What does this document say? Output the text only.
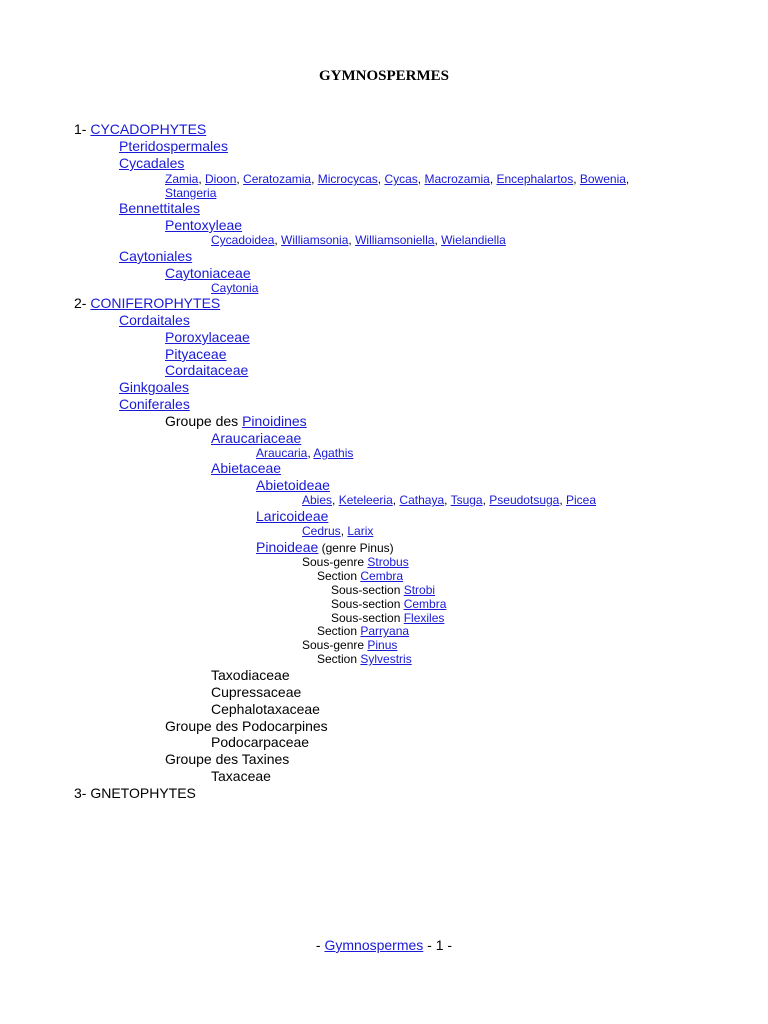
GYMNOSPERMES
1- CYCADOPHYTES
Pteridospermales
Cycadales
Zamia, Dioon, Ceratozamia, Microcycas, Cycas, Macrozamia, Encephalartos, Bowenia,
Stangeria
Bennettitales
Pentoxyleae
Cycadoidea, Williamsonia, Williamsoniella, Wielandiella
Caytoniales
Caytoniaceae
Caytonia
2- CONIFEROPHYTES
Cordaitales
Poroxylaceae
Pityaceae
Cordaitaceae
Ginkgoales
Coniferales
Groupe des Pinoidines
Araucariaceae
Araucaria, Agathis
Abietaceae
Abietoideae
Abies, Keteleeria, Cathaya, Tsuga, Pseudotsuga, Picea
Laricoideae
Cedrus, Larix
Pinoideae (genre Pinus)
Sous-genre Strobus
Section Cembra
Sous-section Strobi
Sous-section Cembra
Sous-section Flexiles
Section Parryana
Sous-genre Pinus
Section Sylvestris
Taxodiaceae
Cupressaceae
Cephalotaxaceae
Groupe des Podocarpines
Podocarpaceae
Groupe des Taxines
Taxaceae
3- GNETOPHYTES
- Gymnospermes - 1 -
